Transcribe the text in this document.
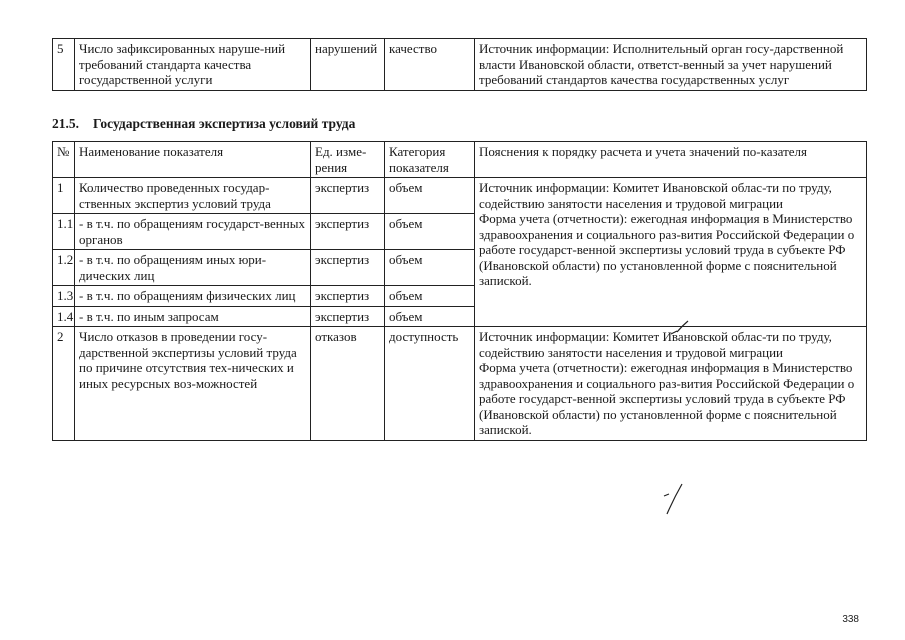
5	Число зафиксированных наруше-ний требований стандарта качества государственной услуги	нарушений	качество	Источник информации: Исполнительный орган госу-дарственной власти Ивановской области, ответст-венный за учет нарушений требований стандартов качества государственных услуг
21.5. Государственная экспертиза условий труда
№	Наименование показателя	Ед. изме-рения	Категория показателя	Пояснения к порядку расчета и учета значений по-казателя
1	Количество проведенных государ-ственных экспертиз условий труда	экспертиз	объем	Источник информации: Комитет Ивановской облас-ти по труду, содействию занятости населения и трудовой миграции
Форма учета (отчетности): ежегодная информация в Министерство здравоохранения и социального раз-вития Российской Федерации о работе государст-венной экспертизы условий труда в субъекте РФ (Ивановской области) по установленной форме с пояснительной запиской.

1.1	- в т.ч. по обращениям государст-венных органов	экспертиз	объем	
1.2	- в т.ч. по обращениям иных юри-дических лиц	экспертиз	объем	
1.3	- в т.ч. по обращениям физических лиц	экспертиз	объем	
1.4	- в т.ч. по иным запросам	экспертиз	объем	
2	Число отказов в проведении госу-дарственной экспертизы условий труда по причине отсутствия тех-нических и иных ресурсных воз-можностей	отказов	доступность	Источник информации: Комитет Ивановской облас-ти по труду, содействию занятости населения и трудовой миграции
Форма учета (отчетности): ежегодная информация в Министерство здравоохранения и социального раз-вития Российской Федерации о работе государст-венной экспертизы условий труда в субъекте РФ (Ивановской области) по установленной форме с пояснительной запиской.
338
